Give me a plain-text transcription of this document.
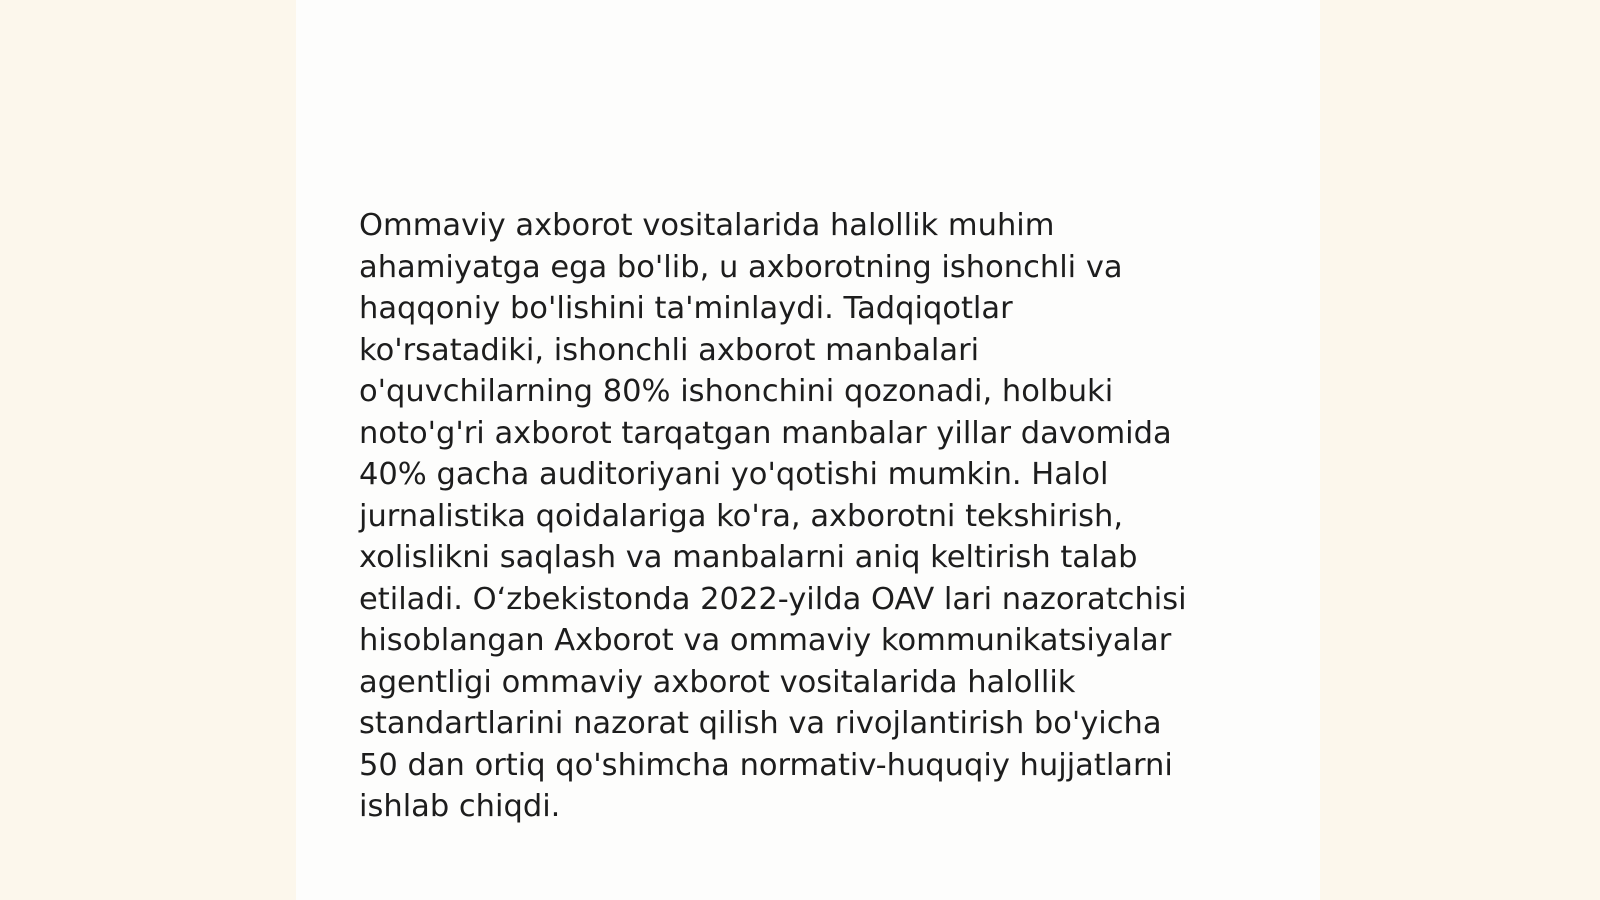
Ommaviy axborot vositalarida halollik muhim
ahamiyatga ega bo'lib, u axborotning ishonchli va
haqqoniy bo'lishini ta'minlaydi. Tadqiqotlar
ko'rsatadiki, ishonchli axborot manbalari
o'quvchilarning 80% ishonchini qozonadi, holbuki
noto'g'ri axborot tarqatgan manbalar yillar davomida
40% gacha auditoriyani yo'qotishi mumkin. Halol
jurnalistika qoidalariga ko'ra, axborotni tekshirish,
xolislikni saqlash va manbalarni aniq keltirish talab
etiladi. O‘zbekistonda 2022-yilda OAV lari nazoratchisi
hisoblangan Axborot va ommaviy kommunikatsiyalar
agentligi ommaviy axborot vositalarida halollik
standartlarini nazorat qilish va rivojlantirish bo'yicha
50 dan ortiq qo'shimcha normativ-huquqiy hujjatlarni
ishlab chiqdi.
